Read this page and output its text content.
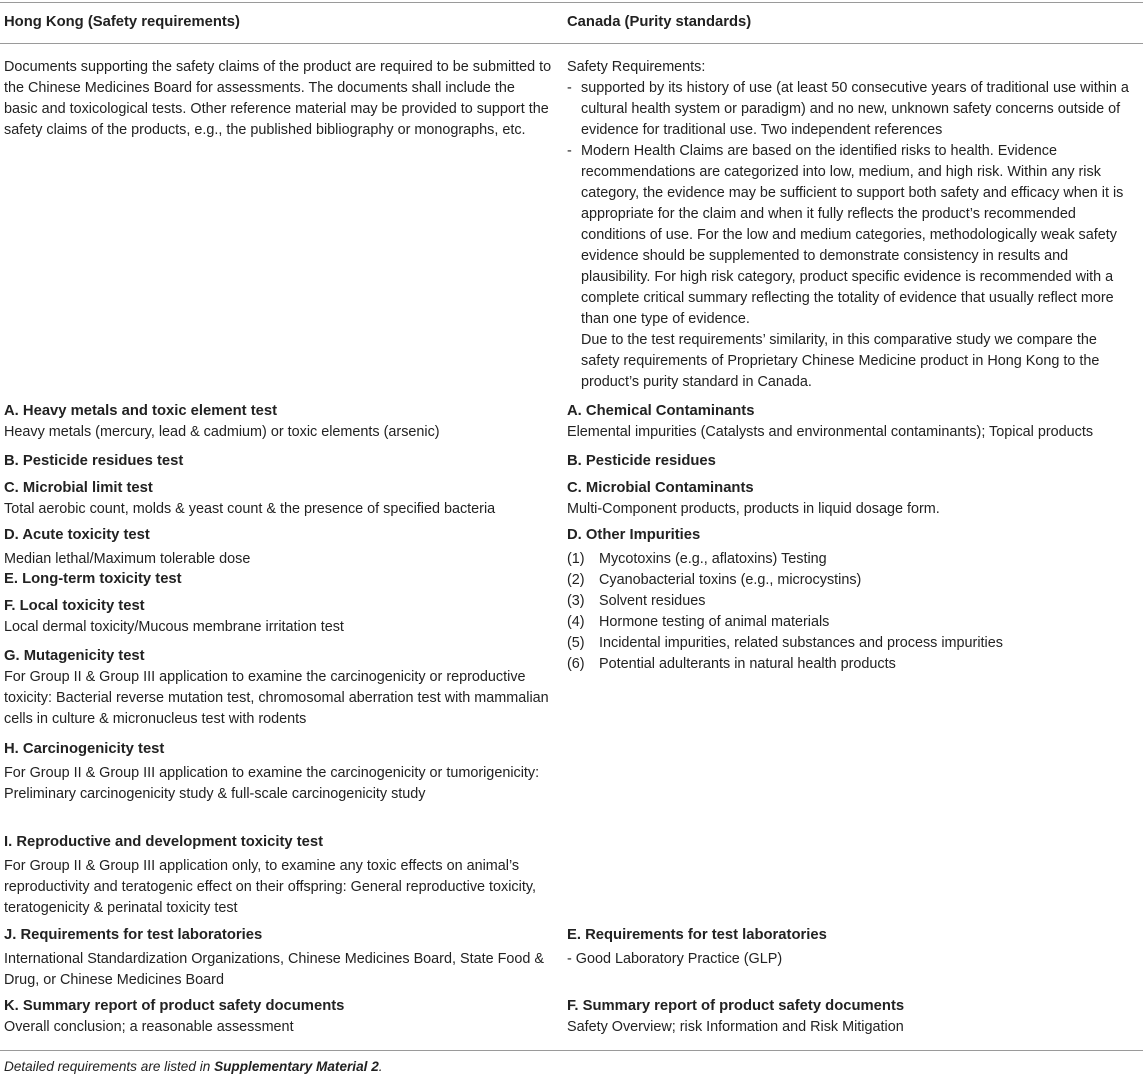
Hong Kong (Safety requirements)	Canada (Purity standards)
Documents supporting the safety claims of the product are required to be submitted to the Chinese Medicines Board for assessments. The documents shall include the basic and toxicological tests. Other reference material may be provided to support the safety claims of the products, e.g., the published bibliography or monographs, etc.
Safety Requirements:
- supported by its history of use (at least 50 consecutive years of traditional use within a cultural health system or paradigm) and no new, unknown safety concerns outside of evidence for traditional use. Two independent references
- Modern Health Claims are based on the identified risks to health. Evidence recommendations are categorized into low, medium, and high risk. Within any risk category, the evidence may be sufficient to support both safety and efficacy when it is appropriate for the claim and when it fully reflects the product’s recommended conditions of use. For the low and medium categories, methodologically weak safety evidence should be supplemented to demonstrate consistency in results and plausibility. For high risk category, product specific evidence is recommended with a complete critical summary reflecting the totality of evidence that usually reflect more than one type of evidence.
Due to the test requirements’ similarity, in this comparative study we compare the safety requirements of Proprietary Chinese Medicine product in Hong Kong to the product’s purity standard in Canada.
A. Heavy metals and toxic element test
Heavy metals (mercury, lead & cadmium) or toxic elements (arsenic)
B. Pesticide residues test
C. Microbial limit test
Total aerobic count, molds & yeast count & the presence of specified bacteria
D. Acute toxicity test
Median lethal/Maximum tolerable dose
E. Long-term toxicity test
F. Local toxicity test
Local dermal toxicity/Mucous membrane irritation test
G. Mutagenicity test
For Group II & Group III application to examine the carcinogenicity or reproductive toxicity: Bacterial reverse mutation test, chromosomal aberration test with mammalian cells in culture & micronucleus test with rodents
H. Carcinogenicity test
For Group II & Group III application to examine the carcinogenicity or tumorigenicity: Preliminary carcinogenicity study & full-scale carcinogenicity study
I. Reproductive and development toxicity test
For Group II & Group III application only, to examine any toxic effects on animal’s reproductivity and teratogenic effect on their offspring: General reproductive toxicity, teratogenicity & perinatal toxicity test
J. Requirements for test laboratories
International Standardization Organizations, Chinese Medicines Board, State Food & Drug, or Chinese Medicines Board
K. Summary report of product safety documents
Overall conclusion; a reasonable assessment
A. Chemical Contaminants
Elemental impurities (Catalysts and environmental contaminants); Topical products
B. Pesticide residues
C. Microbial Contaminants
Multi-Component products, products in liquid dosage form.
D. Other Impurities
(1) Mycotoxins (e.g., aflatoxins) Testing
(2) Cyanobacterial toxins (e.g., microcystins)
(3) Solvent residues
(4) Hormone testing of animal materials
(5) Incidental impurities, related substances and process impurities
(6) Potential adulterants in natural health products
E. Requirements for test laboratories
- Good Laboratory Practice (GLP)
F. Summary report of product safety documents
Safety Overview; risk Information and Risk Mitigation
Detailed requirements are listed in Supplementary Material 2.
